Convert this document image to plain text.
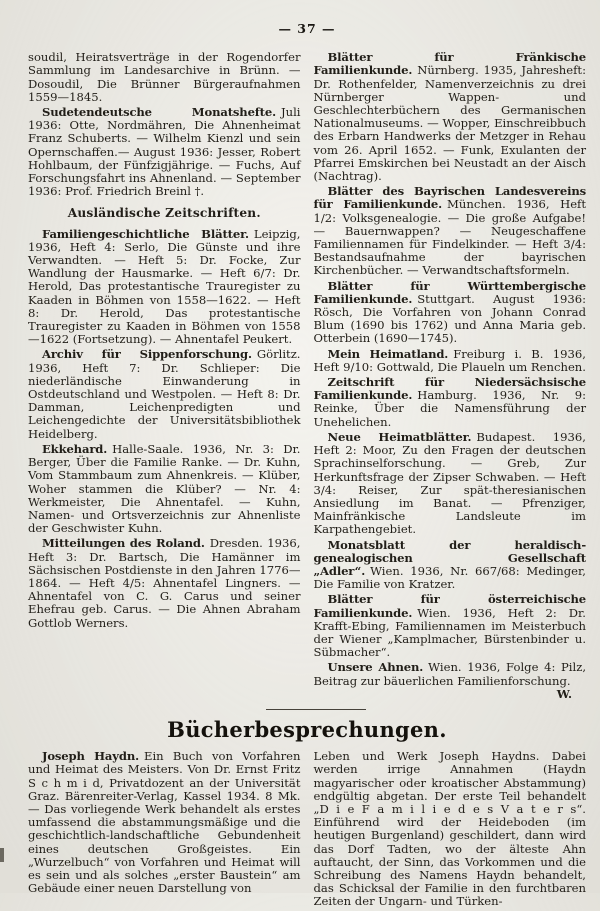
— 37 —

soudil, Heiratsverträge in der Rogendorfer Sammlung im Landesarchive in Brünn. — Dosoudil, Die Brünner Bürgeraufnahmen 1559—1845.

Sudetendeutsche Monatshefte. Juli 1936: Otte, Nordmähren, Die Ahnenheimat Franz Schuberts. — Wilhelm Kienzl und sein Opernschaffen.— August 1936: Jesser, Robert Hohlbaum, der Fünfzigjährige. — Fuchs, Auf Forschungsfahrt ins Ahnenland. — September 1936: Prof. Friedrich Breinl †.

Ausländische Zeitschriften.

Familiengeschichtliche Blätter. Leipzig, 1936, Heft 4: Serlo, Die Günste und ihre Verwandten. — Heft 5: Dr. Focke, Zur Wandlung der Hausmarke. — Heft 6/7: Dr. Herold, Das protestantische Trauregister zu Kaaden in Böhmen von 1558—1622. — Heft 8: Dr. Herold, Das protestantische Trauregister zu Kaaden in Böhmen von 1558—1622 (Fortsetzung). — Ahnentafel Peukert.

Archiv für Sippenforschung. Görlitz. 1936, Heft 7: Dr. Schlieper: Die niederländische Einwanderung in Ostdeutschland und Westpolen. — Heft 8: Dr. Damman, Leichenpredigten und Leichengedichte der Universitätsbibliothek Heidelberg.

Ekkehard. Halle-Saale. 1936, Nr. 3: Dr. Berger, Über die Familie Ranke. — Dr. Kuhn, Vom Stammbaum zum Ahnenkreis. — Klüber, Woher stammen die Klüber? — Nr. 4: Werkmeister, Die Ahnentafel. — Kuhn, Namen- und Ortsverzeichnis zur Ahnenliste der Geschwister Kuhn.

Mitteilungen des Roland. Dresden. 1936, Heft 3: Dr. Bartsch, Die Hamänner im Sächsischen Postdienste in den Jahren 1776—1864. — Heft 4/5: Ahnentafel Lingners. — Ahnentafel von C. G. Carus und seiner Ehefrau geb. Carus. — Die Ahnen Abraham Gottlob Werners.

Blätter für Fränkische Familienkunde. Nürnberg. 1935, Jahresheft: Dr. Rothenfelder, Namenverzeichnis zu drei Nürnberger Wappen- und Geschlechterbüchern des Germanischen Nationalmuseums. — Wopper, Einschreibbuch des Erbarn Handwerks der Metzger in Rehau vom 26. April 1652. — Funk, Exulanten der Pfarrei Emskirchen bei Neustadt an der Aisch (Nachtrag).

Blätter des Bayrischen Landesvereins für Familienkunde. München. 1936, Heft 1/2: Volksgenealogie. — Die große Aufgabe! — Bauernwappen? — Neugeschaffene Familiennamen für Findelkinder. — Heft 3/4: Bestandsaufnahme der bayrischen Kirchenbücher. — Verwandtschaftsformeln.

Blätter für Württembergische Familienkunde. Stuttgart. August 1936: Rösch, Die Vorfahren von Johann Conrad Blum (1690 bis 1762) und Anna Maria geb. Otterbein (1690—1745).

Mein Heimatland. Freiburg i. B. 1936, Heft 9/10: Gottwald, Die Plaueln um Renchen.

Zeitschrift für Niedersächsische Familienkunde. Hamburg. 1936, Nr. 9: Reinke, Über die Namensführung der Unehelichen.

Neue Heimatblätter. Budapest. 1936, Heft 2: Moor, Zu den Fragen der deutschen Sprachinselforschung. — Greb, Zur Herkunftsfrage der Zipser Schwaben. — Heft 3/4: Reiser, Zur spät-theresianischen Ansiedlung im Banat. — Pfrenziger, Mainfränkische Landsleute im Karpathengebiet.

Monatsblatt der heraldisch-genealogischen Gesellschaft „Adler“. Wien. 1936, Nr. 667/68: Medinger, Die Familie von Kratzer.

Blätter für österreichische Familienkunde. Wien. 1936, Heft 2: Dr. Krafft-Ebing, Familiennamen im Meisterbuch der Wiener „Kamplmacher, Bürstenbinder u. Sübmacher“.

Unsere Ahnen. Wien. 1936, Folge 4: Pilz, Beitrag zur bäuerlichen Familienforschung.
W.

Bücherbesprechungen.

Joseph Haydn. Ein Buch von Vorfahren und Heimat des Meisters. Von Dr. Ernst Fritz S c h m i d, Privatdozent an der Universität Graz. Bärenreiter-Verlag, Kassel 1934. 8 Mk. — Das vorliegende Werk behandelt als erstes umfassend die abstammungsmäßige und die geschichtlich-landschaftliche Gebundenheit eines deutschen Großgeistes. Ein „Wurzelbuch“ von Vorfahren und Heimat will es sein und als solches „erster Baustein“ am Gebäude einer neuen Darstellung von

Leben und Werk Joseph Haydns. Dabei werden irrige Annahmen (Haydn magyarischer oder kroatischer Abstammung) endgültig abgetan. Der erste Teil behandelt „D i e F a m i l i e d e s V a t e r s“. Einführend wird der Heideboden (im heutigen Burgenland) geschildert, dann wird das Dorf Tadten, wo der älteste Ahn auftaucht, der Sinn, das Vorkommen und die Schreibung des Namens Haydn behandelt, das Schicksal der Familie in den furchtbaren Zeiten der Ungarn- und Türken-
